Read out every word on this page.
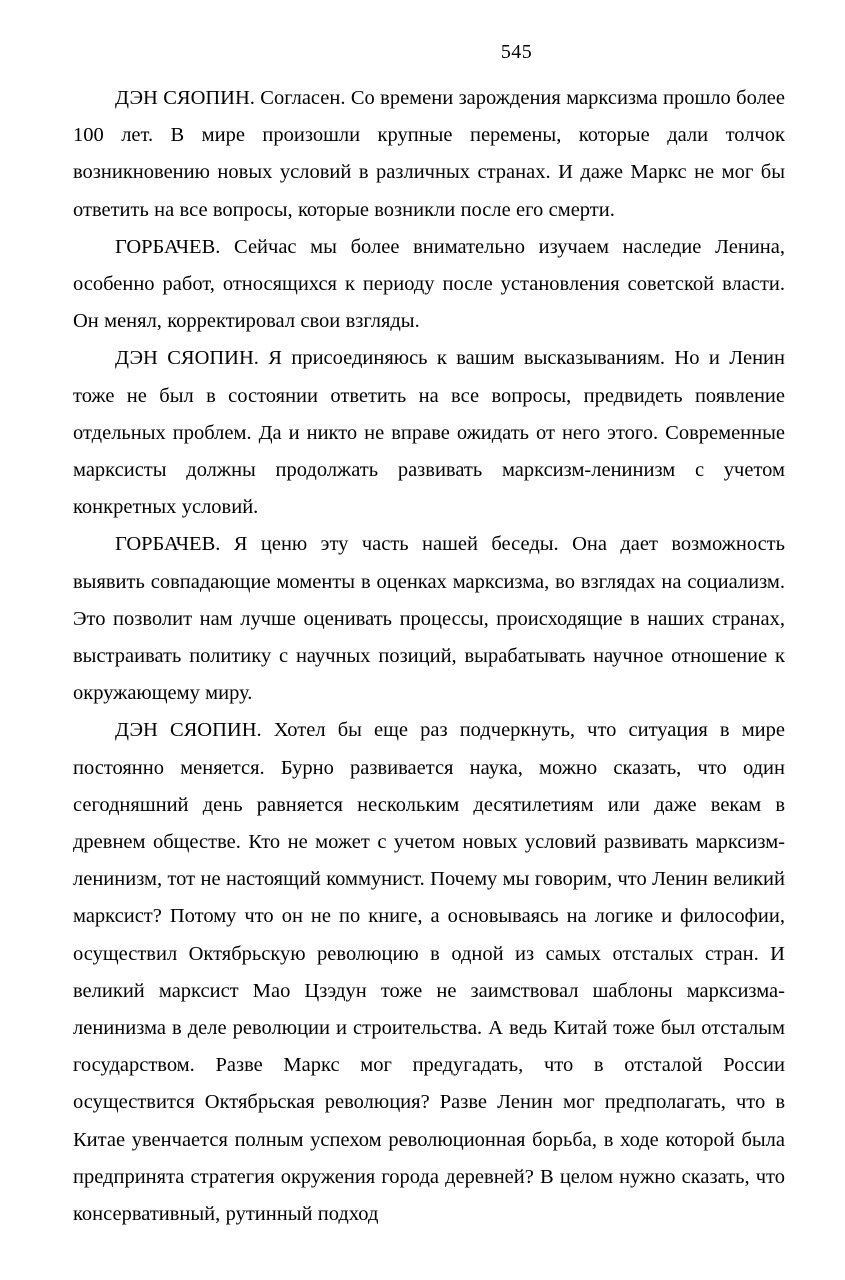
545

ДЭН СЯОПИН. Согласен. Со времени зарождения марксизма прошло более 100 лет. В мире произошли крупные перемены, которые дали толчок возникновению новых условий в различных странах. И даже Маркс не мог бы ответить на все вопросы, которые возникли после его смерти.

ГОРБАЧЕВ. Сейчас мы более внимательно изучаем наследие Ленина, особенно работ, относящихся к периоду после установления советской власти. Он менял, корректировал свои взгляды.

ДЭН СЯОПИН. Я присоединяюсь к вашим высказываниям. Но и Ленин тоже не был в состоянии ответить на все вопросы, предвидеть появление отдельных проблем. Да и никто не вправе ожидать от него этого. Современные марксисты должны продолжать развивать марксизм-ленинизм с учетом конкретных условий.

ГОРБАЧЕВ. Я ценю эту часть нашей беседы. Она дает возможность выявить совпадающие моменты в оценках марксизма, во взглядах на социализм. Это позволит нам лучше оценивать процессы, происходящие в наших странах, выстраивать политику с научных позиций, вырабатывать научное отношение к окружающему миру.

ДЭН СЯОПИН. Хотел бы еще раз подчеркнуть, что ситуация в мире постоянно меняется. Бурно развивается наука, можно сказать, что один сегодняшний день равняется нескольким десятилетиям или даже векам в древнем обществе. Кто не может с учетом новых условий развивать марксизм-ленинизм, тот не настоящий коммунист. Почему мы говорим, что Ленин великий марксист? Потому что он не по книге, а основываясь на логике и философии, осуществил Октябрьскую революцию в одной из самых отсталых стран. И великий марксист Мао Цзэдун тоже не заимствовал шаблоны марксизма-ленинизма в деле революции и строительства. А ведь Китай тоже был отсталым государством. Разве Маркс мог предугадать, что в отсталой России осуществится Октябрьская революция? Разве Ленин мог предполагать, что в Китае увенчается полным успехом революционная борьба, в ходе которой была предпринята стратегия окружения города деревней? В целом нужно сказать, что консервативный, рутинный подход
